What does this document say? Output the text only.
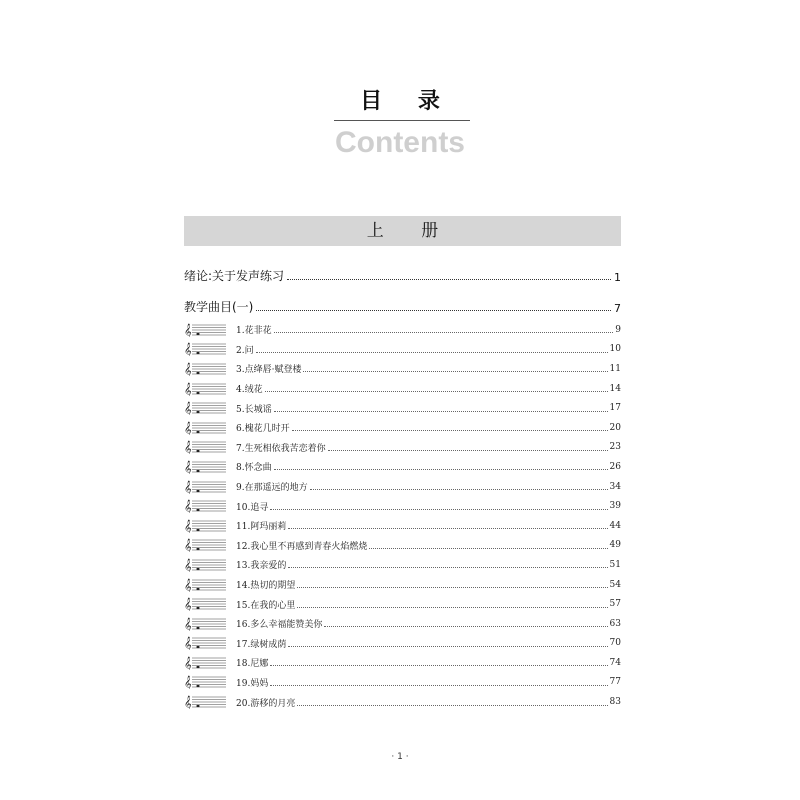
目 录
Contents
上 册
绪论:关于发声练习	1
教学曲目(一)	7
𝄞	1.花非花	9
𝄞	2.问	10
𝄞	3.点绛唇·赋登楼	11
𝄞	4.绒花	14
𝄞	5.长城谣	17
𝄞	6.槐花几时开	20
𝄞	7.生死相依我苦恋着你	23
𝄞	8.怀念曲	26
𝄞	9.在那遥远的地方	34
𝄞	10.追寻	39
𝄞	11.阿玛丽莉	44
𝄞	12.我心里不再感到青春火焰燃烧	49
𝄞	13.我亲爱的	51
𝄞	14.热切的期望	54
𝄞	15.在我的心里	57
𝄞	16.多么幸福能赞美你	63
𝄞	17.绿树成荫	70
𝄞	18.尼娜	74
𝄞	19.妈妈	77
𝄞	20.游移的月亮	83
· 1 ·
